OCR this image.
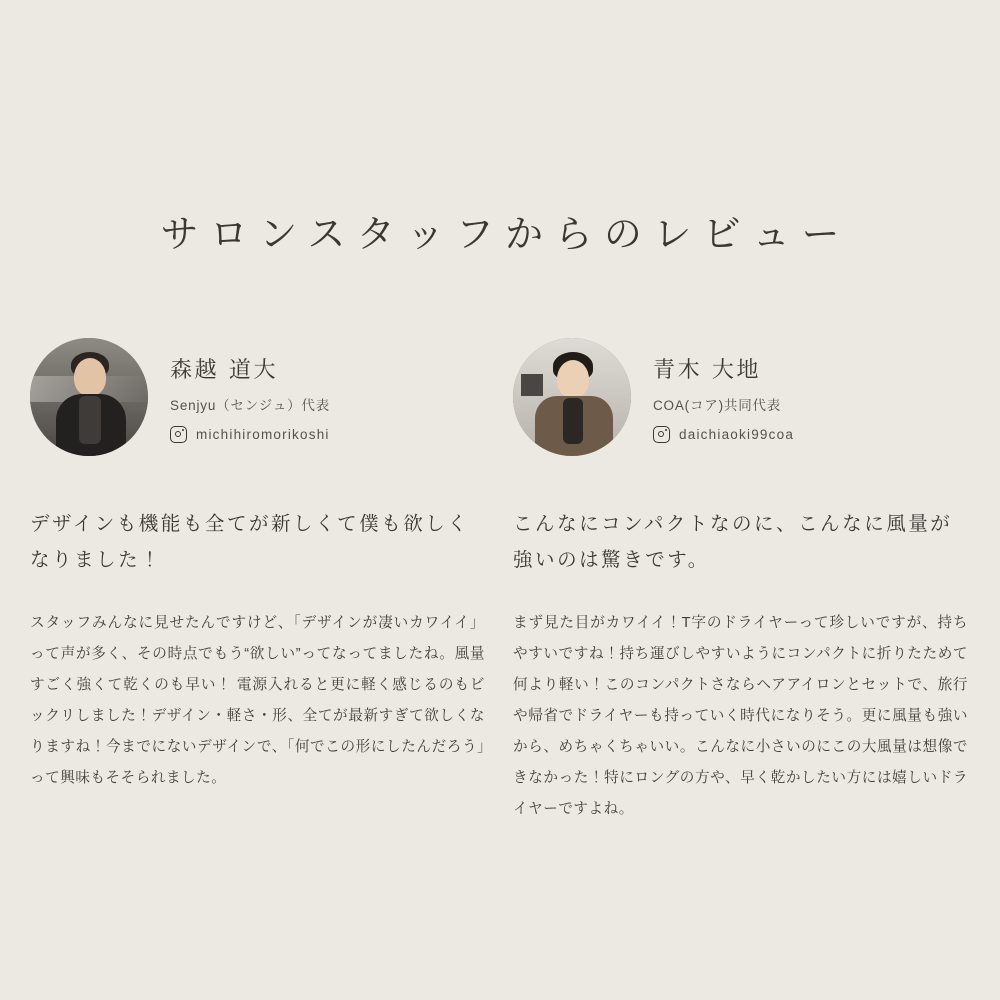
サロンスタッフからのレビュー
森越 道大
Senjyu（センジュ）代表
michihiromorikoshi
デザインも機能も全てが新しくて僕も欲しくなりました！
スタッフみんなに見せたんですけど、「デザインが凄いカワイイ」って声が多く、その時点でもう“欲しい”ってなってましたね。風量すごく強くて乾くのも早い！ 電源入れると更に軽く感じるのもビックリしました！デザイン・軽さ・形、全てが最新すぎて欲しくなりますね！今までにないデザインで、「何でこの形にしたんだろう」って興味もそそられました。
青木 大地
COA(コア)共同代表
daichiaoki99coa
こんなにコンパクトなのに、こんなに風量が強いのは驚きです。
まず見た目がカワイイ！T字のドライヤーって珍しいですが、持ちやすいですね！持ち運びしやすいようにコンパクトに折りたためて何より軽い！このコンパクトさならヘアアイロンとセットで、旅行や帰省でドライヤーも持っていく時代になりそう。更に風量も強いから、めちゃくちゃいい。こんなに小さいのにこの大風量は想像できなかった！特にロングの方や、早く乾かしたい方には嬉しいドライヤーですよね。
